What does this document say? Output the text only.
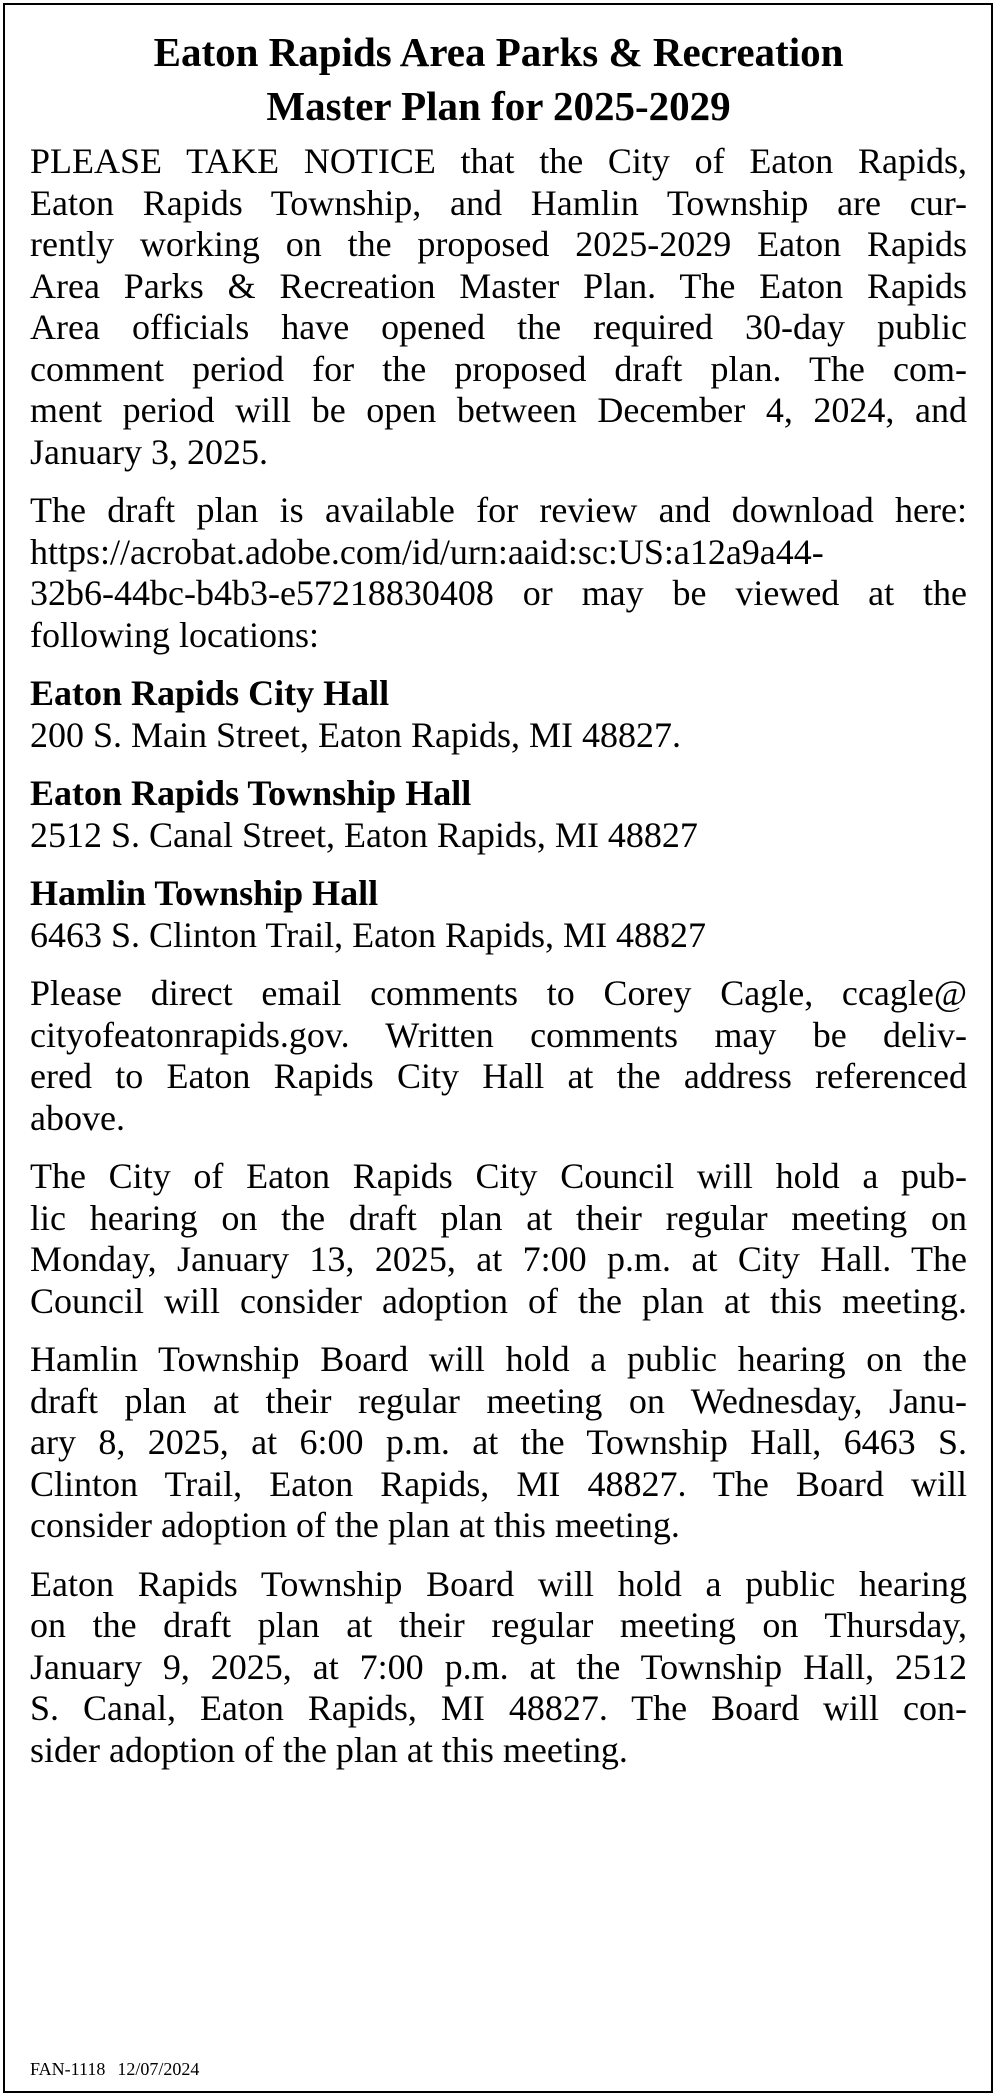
Eaton Rapids Area Parks & Recreation
Master Plan for 2025-2029
PLEASE TAKE NOTICE that the City of Eaton Rapids,
Eaton Rapids Township, and Hamlin Township are cur-
rently working on the proposed 2025-2029 Eaton Rapids
Area Parks & Recreation Master Plan. The Eaton Rapids
Area officials have opened the required 30-day public
comment period for the proposed draft plan. The com-
ment period will be open between December 4, 2024, and
January 3, 2025.
The draft plan is available for review and download here:
https://acrobat.adobe.com/id/urn:aaid:sc:US:a12a9a44-
32b6-44bc-b4b3-e57218830408 or may be viewed at the
following locations:
Eaton Rapids City Hall
200 S. Main Street, Eaton Rapids, MI 48827.
Eaton Rapids Township Hall
2512 S. Canal Street, Eaton Rapids, MI 48827
Hamlin Township Hall
6463 S. Clinton Trail, Eaton Rapids, MI 48827
Please direct email comments to Corey Cagle, ccagle@
cityofeatonrapids.gov. Written comments may be deliv-
ered to Eaton Rapids City Hall at the address referenced
above.
The City of Eaton Rapids City Council will hold a pub-
lic hearing on the draft plan at their regular meeting on
Monday, January 13, 2025, at 7:00 p.m. at City Hall. The
Council will consider adoption of the plan at this meeting.
Hamlin Township Board will hold a public hearing on the
draft plan at their regular meeting on Wednesday, Janu-
ary 8, 2025, at 6:00 p.m. at the Township Hall, 6463 S.
Clinton Trail, Eaton Rapids, MI 48827. The Board will
consider adoption of the plan at this meeting.
Eaton Rapids Township Board will hold a public hearing
on the draft plan at their regular meeting on Thursday,
January 9, 2025, at 7:00 p.m. at the Township Hall, 2512
S. Canal, Eaton Rapids, MI 48827. The Board will con-
sider adoption of the plan at this meeting.
FAN-1118 12/07/2024
